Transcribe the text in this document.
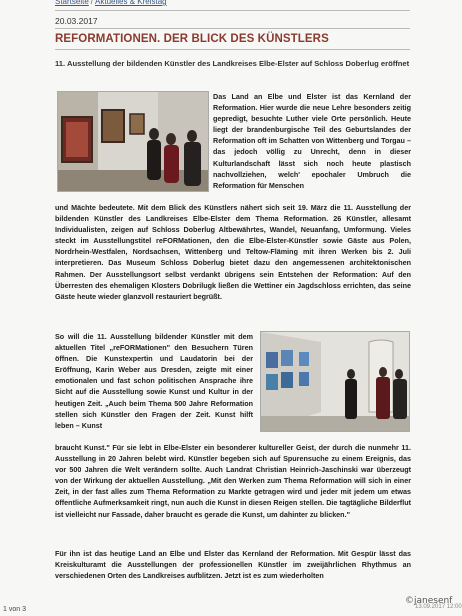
Startseite / Aktuelles & Kreistag
20.03.2017
REFORMATIONEN. DER BLICK DES KÜNSTLERS
11. Ausstellung der bildenden Künstler des Landkreises Elbe-Elster auf Schloss Doberlug eröffnet

Das Land an Elbe und Elster ist das Kernland der Reformation. Hier wurde die neue Lehre besonders zeitig gepredigt, besuchte Luther viele Orte persönlich. Heute liegt der brandenburgische Teil des Geburtslandes der Reformation oft im Schatten von Wittenberg und Torgau – das jedoch völlig zu Unrecht, denn in dieser Kulturlandschaft lässt sich noch heute plastisch nachvollziehen, welch' epochaler Umbruch die Reformation für Menschen

und Mächte bedeutete. Mit dem Blick des Künstlers nähert sich seit 19. März die 11. Ausstellung der bildenden Künstler des Landkreises Elbe-Elster dem Thema Reformation. 26 Künstler, allesamt Individualisten, zeigen auf Schloss Doberlug Altbewährtes, Wandel, Neuanfang, Umformung. Vieles steckt im Ausstellungstitel reFORMationen, den die Elbe-Elster-Künstler sowie Gäste aus Polen, Nordrhein-Westfalen, Nordsachsen, Wittenberg und Teltow-Fläming mit ihren Werken bis 2. Juli interpretieren. Das Museum Schloss Doberlug bietet dazu den angemessenen architektonischen Rahmen. Der Ausstellungsort selbst verdankt übrigens sein Entstehen der Reformation: Auf den Überresten des ehemaligen Klosters Dobrilugk ließen die Wettiner ein Jagdschloss errichten, das seine Gäste heute wieder glanzvoll restauriert begrüßt.

So will die 11. Ausstellung bildender Künstler mit dem aktuellen Titel „reFORMationen" den Besuchern Türen öffnen. Die Kunstexpertin und Laudatorin bei der Eröffnung, Karin Weber aus Dresden, zeigte mit einer emotionalen und fast schon politischen Ansprache ihre Sicht auf die Ausstellung sowie Kunst und Kultur in der heutigen Zeit. „Auch beim Thema 500 Jahre Reformation stellen sich Künstler den Fragen der Zeit. Kunst hilft leben – Kunst

braucht Kunst." Für sie lebt in Elbe-Elster ein besonderer kultureller Geist, der durch die nunmehr 11. Ausstellung in 20 Jahren belebt wird. Künstler begeben sich auf Spurensuche zu einem Ereignis, das vor 500 Jahren die Welt verändern sollte. Auch Landrat Christian Heinrich-Jaschinski war überzeugt von der Wirkung der aktuellen Ausstellung. „Mit den Werken zum Thema Reformation will sich in einer Zeit, in der fast alles zum Thema Reformation zu Markte getragen wird und jeder mit jedem um etwas öffentliche Aufmerksamkeit ringt, nun auch die Kunst in diesen Reigen stellen. Die tagtägliche Bilderflut ist vielleicht nur Fassade, daher braucht es gerade die Kunst, um dahinter zu blicken."

Für ihn ist das heutige Land an Elbe und Elster das Kernland der Reformation. Mit Gespür lässt das Kreiskulturamt die Ausstellungen der professionellen Künstler im zweijährlichen Rhythmus an verschiedenen Orten des Landkreises aufblitzen. Jetzt ist es zum wiederholten

1 von 3	13.09.2017 12:00
©janesenf
